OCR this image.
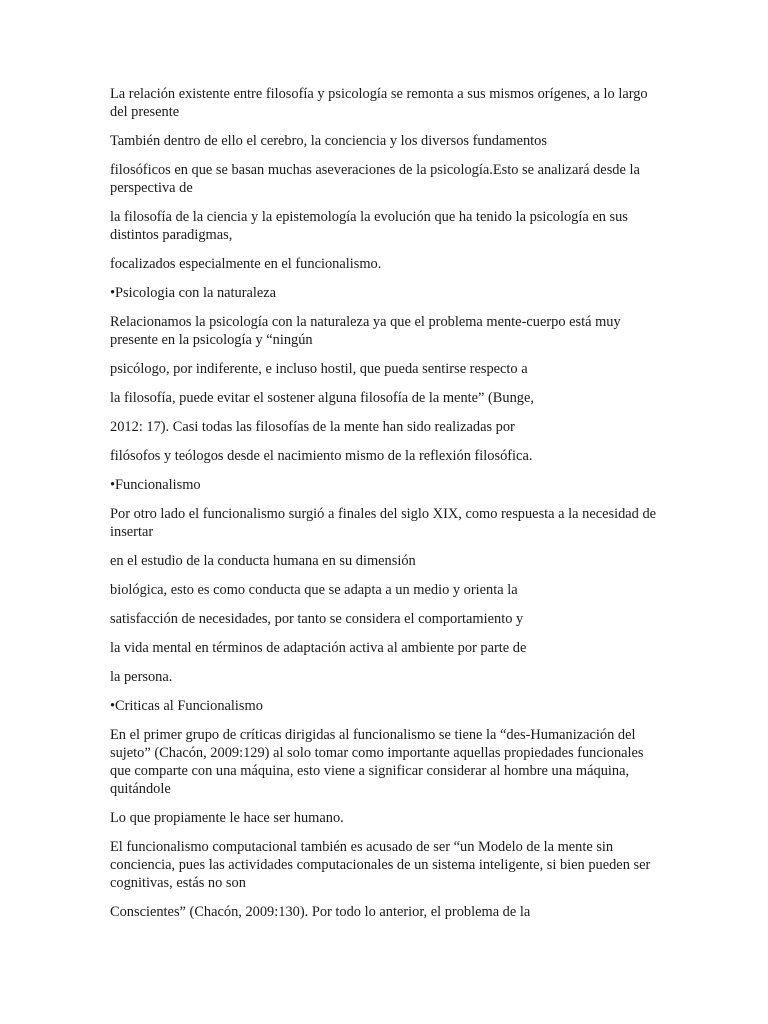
La relación existente entre filosofía y psicología se remonta a sus mismos orígenes, a lo largo del presente

También dentro de ello el cerebro, la conciencia y los diversos fundamentos

filosóficos en que se basan muchas aseveraciones de la psicología.Esto se analizará desde la perspectiva de

la filosofía de la ciencia y la epistemología la evolución que ha tenido la psicología en sus distintos paradigmas,

focalizados especialmente en el funcionalismo.

•Psicologia con la naturaleza

Relacionamos la psicología con la naturaleza ya que el problema mente-cuerpo está muy presente en la psicología y “ningún

psicólogo, por indiferente, e incluso hostil, que pueda sentirse respecto a

la filosofía, puede evitar el sostener alguna filosofía de la mente” (Bunge,

2012: 17). Casi todas las filosofías de la mente han sido realizadas por

filósofos y teólogos desde el nacimiento mismo de la reflexión filosófica.

•Funcionalismo

Por otro lado el funcionalismo surgió a finales del siglo XIX, como respuesta a la necesidad de insertar

en el estudio de la conducta humana en su dimensión

biológica, esto es como conducta que se adapta a un medio y orienta la

satisfacción de necesidades, por tanto se considera el comportamiento y

la vida mental en términos de adaptación activa al ambiente por parte de

la persona.

•Criticas al Funcionalismo

En el primer grupo de críticas dirigidas al funcionalismo se tiene la “des-Humanización del sujeto” (Chacón, 2009:129) al solo tomar como importante aquellas propiedades funcionales que comparte con una máquina, esto viene a significar considerar al hombre una máquina, quitándole

Lo que propiamente le hace ser humano.

El funcionalismo computacional también es acusado de ser “un Modelo de la mente sin conciencia, pues las actividades computacionales de un sistema inteligente, si bien pueden ser cognitivas, estás no son

Conscientes” (Chacón, 2009:130). Por todo lo anterior, el problema de la
